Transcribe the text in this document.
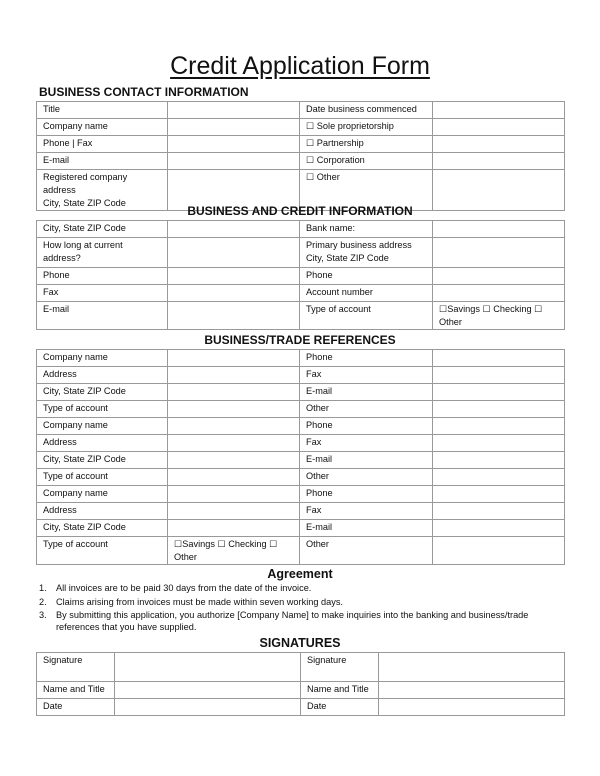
Credit Application Form
BUSINESS CONTACT INFORMATION
Title		Date business commenced	
Company name		☐ Sole proprietorship	
Phone | Fax		☐ Partnership	
E-mail		☐ Corporation	
Registered company address
City, State ZIP Code		☐ Other	
BUSINESS AND CREDIT INFORMATION
City, State ZIP Code		Bank name:	
How long at current address?		Primary business address
City, State ZIP Code	
Phone		Phone	
Fax		Account number	
E-mail		Type of account	☐Savings ☐ Checking ☐ Other
BUSINESS/TRADE REFERENCES
Company name		Phone	
Address		Fax	
City, State ZIP Code		E-mail	
Type of account		Other	
Company name		Phone	
Address		Fax	
City, State ZIP Code		E-mail	
Type of account		Other	
Company name		Phone	
Address		Fax	
City, State ZIP Code		E-mail	
Type of account	☐Savings ☐ Checking ☐ Other	Other	
Agreement
1. All invoices are to be paid 30 days from the date of the invoice.
2. Claims arising from invoices must be made within seven working days.
3. By submitting this application, you authorize [Company Name] to make inquiries into the banking and business/trade references that you have supplied.
SIGNATURES
Signature		Signature	
Name and Title		Name and Title	
Date		Date	
